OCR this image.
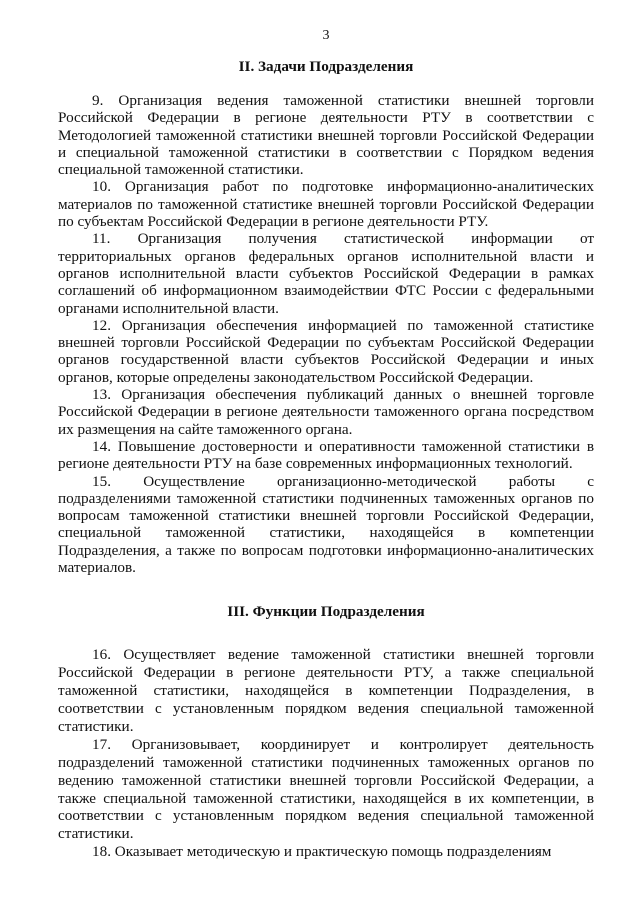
3
II. Задачи Подразделения

9. Организация ведения таможенной статистики внешней торговли Российской Федерации в регионе деятельности РТУ в соответствии с Методологией таможенной статистики внешней торговли Российской Федерации и специальной таможенной статистики в соответствии с Порядком ведения специальной таможенной статистики.

10. Организация работ по подготовке информационно-аналитических материалов по таможенной статистике внешней торговли Российской Федерации по субъектам Российской Федерации в регионе деятельности РТУ.

11. Организация получения статистической информации от территориальных органов федеральных органов исполнительной власти и органов исполнительной власти субъектов Российской Федерации в рамках соглашений об информационном взаимодействии ФТС России с федеральными органами исполнительной власти.

12. Организация обеспечения информацией по таможенной статистике внешней торговли Российской Федерации по субъектам Российской Федерации органов государственной власти субъектов Российской Федерации и иных органов, которые определены законодательством Российской Федерации.

13. Организация обеспечения публикаций данных о внешней торговле Российской Федерации в регионе деятельности таможенного органа посредством их размещения на сайте таможенного органа.

14. Повышение достоверности и оперативности таможенной статистики в регионе деятельности РТУ на базе современных информационных технологий.

15. Осуществление организационно-методической работы с подразделениями таможенной статистики подчиненных таможенных органов по вопросам таможенной статистики внешней торговли Российской Федерации, специальной таможенной статистики, находящейся в компетенции Подразделения, а также по вопросам подготовки информационно-аналитических материалов.

III. Функции Подразделения

16. Осуществляет ведение таможенной статистики внешней торговли Российской Федерации в регионе деятельности РТУ, а также специальной таможенной статистики, находящейся в компетенции Подразделения, в соответствии с установленным порядком ведения специальной таможенной статистики.

17. Организовывает, координирует и контролирует деятельность подразделений таможенной статистики подчиненных таможенных органов по ведению таможенной статистики внешней торговли Российской Федерации, а также специальной таможенной статистики, находящейся в их компетенции, в соответствии с установленным порядком ведения специальной таможенной статистики.

18. Оказывает методическую и практическую помощь подразделениям
